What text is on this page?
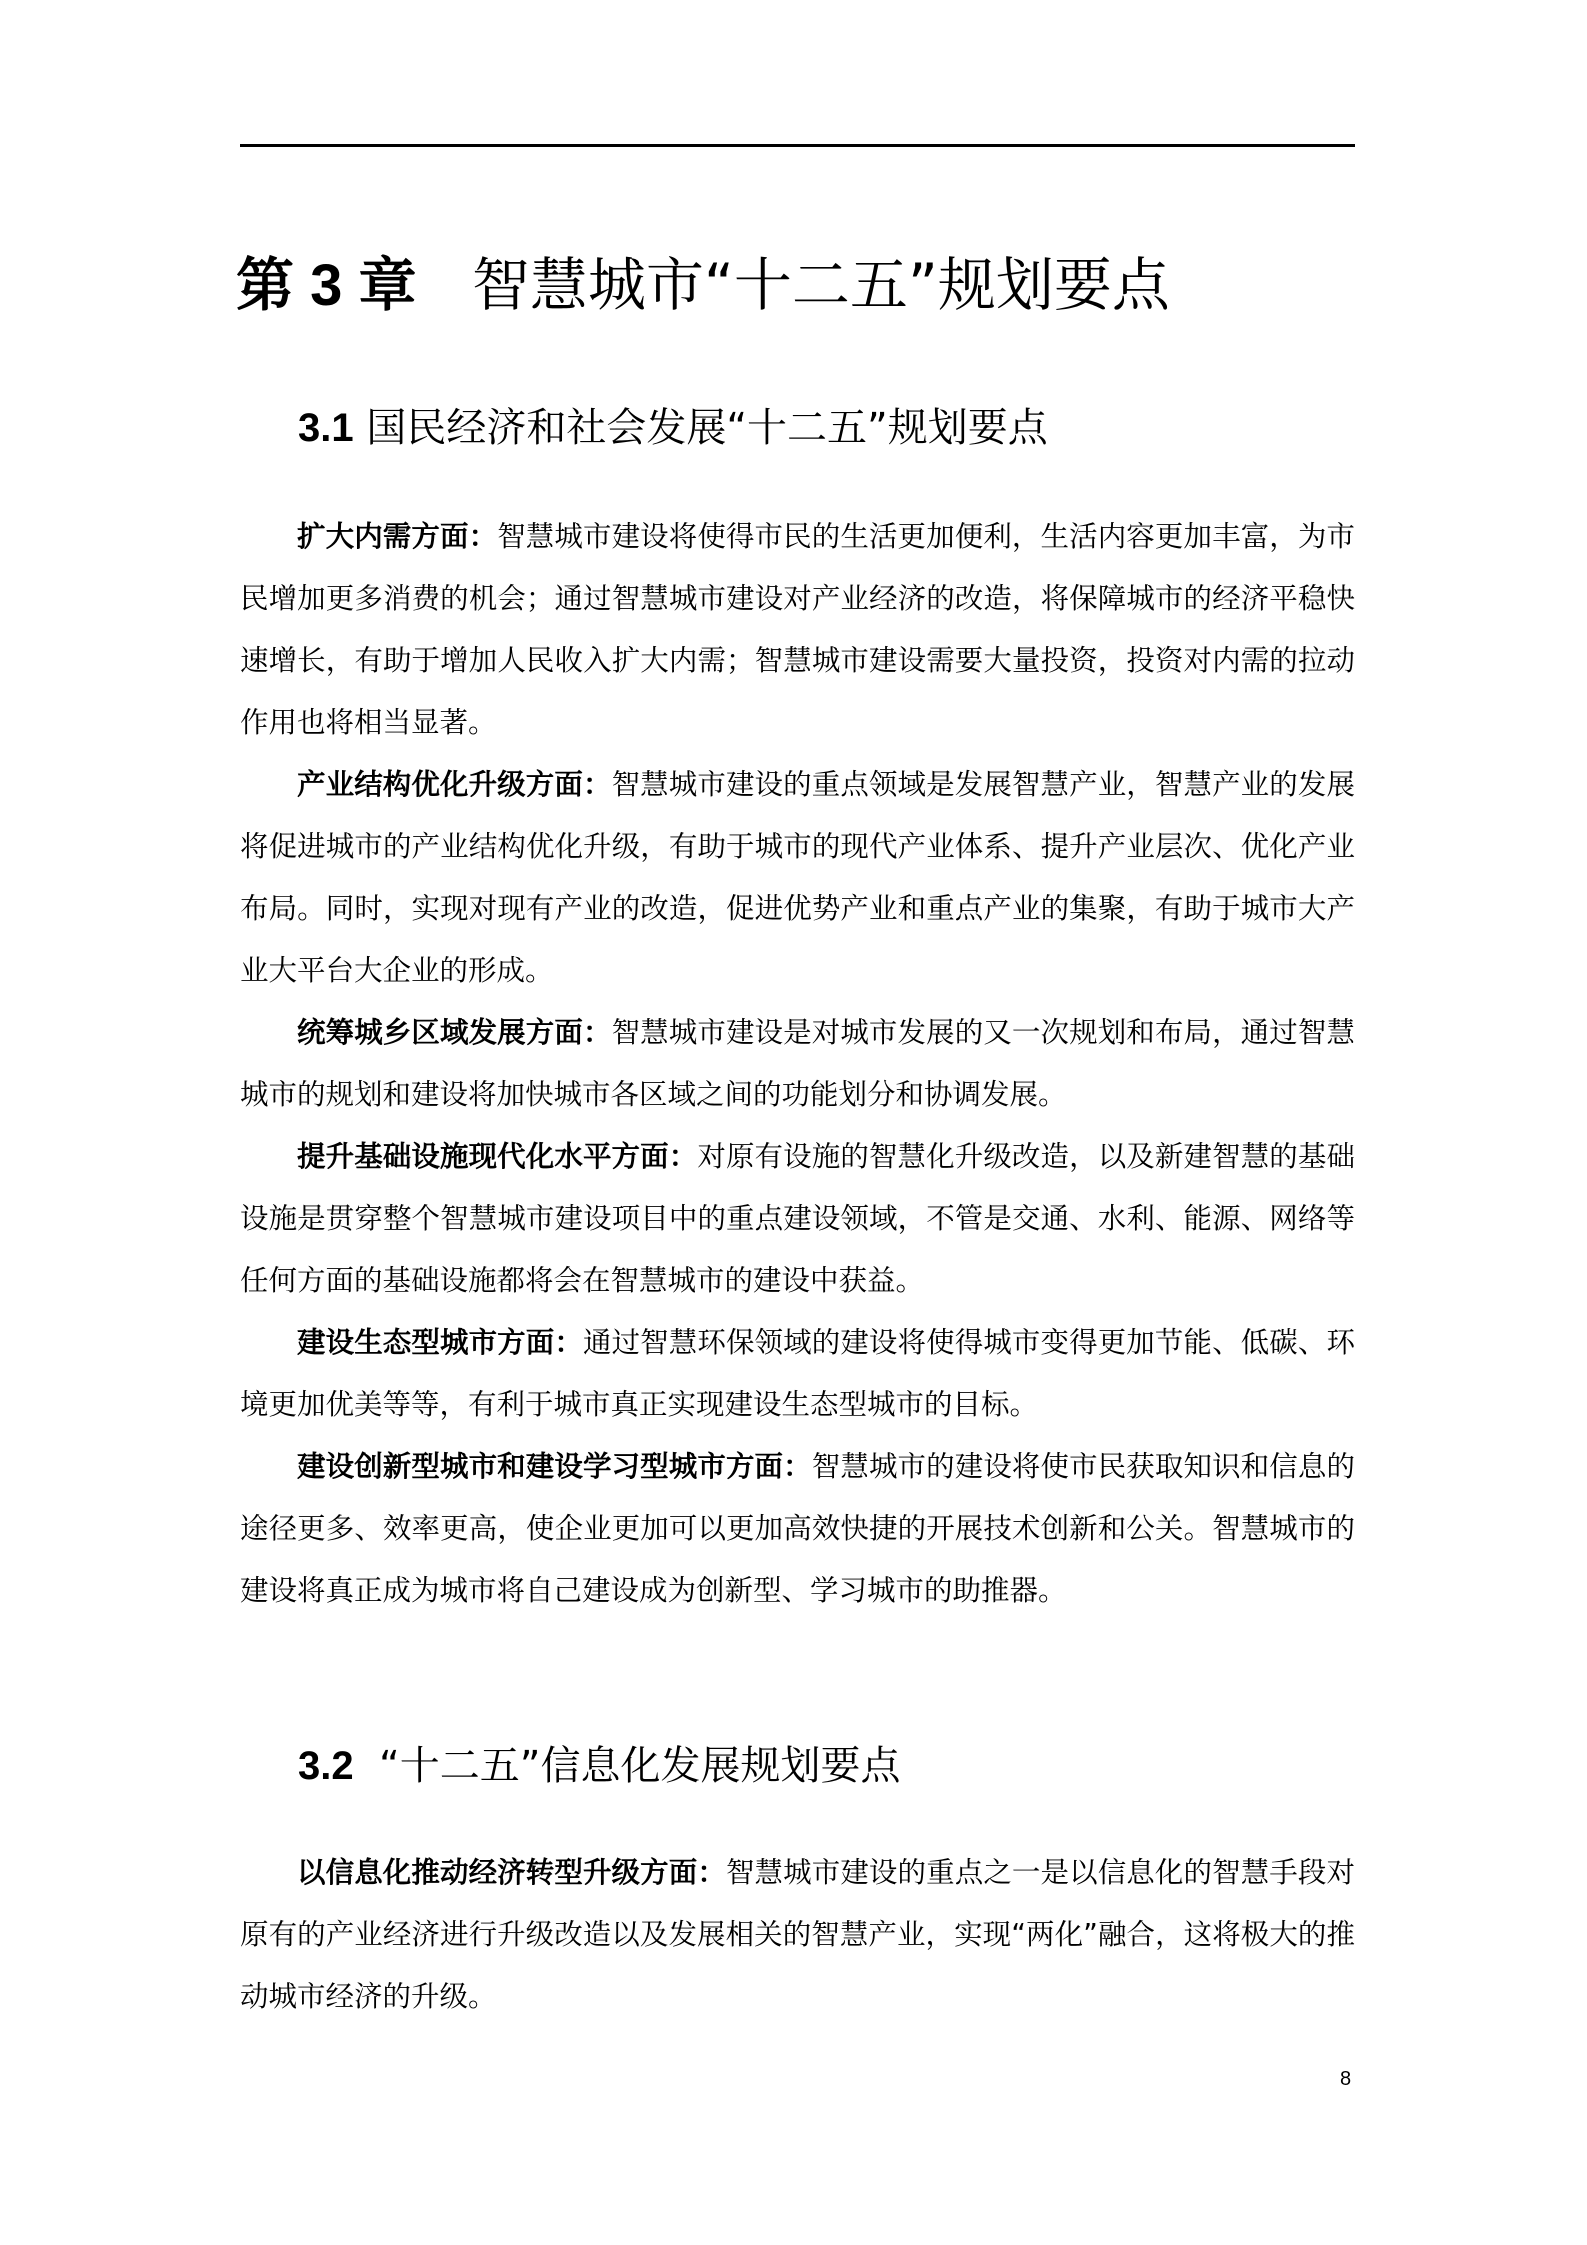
第 3 章 智慧城市“十二五”规划要点
3.1 国民经济和社会发展“十二五”规划要点

扩大内需方面：智慧城市建设将使得市民的生活更加便利，生活内容更加丰富，为市民增加更多消费的机会；通过智慧城市建设对产业经济的改造，将保障城市的经济平稳快速增长，有助于增加人民收入扩大内需；智慧城市建设需要大量投资，投资对内需的拉动作用也将相当显著。

产业结构优化升级方面：智慧城市建设的重点领域是发展智慧产业，智慧产业的发展将促进城市的产业结构优化升级，有助于城市的现代产业体系、提升产业层次、优化产业布局。同时，实现对现有产业的改造，促进优势产业和重点产业的集聚，有助于城市大产业大平台大企业的形成。

统筹城乡区域发展方面：智慧城市建设是对城市发展的又一次规划和布局，通过智慧城市的规划和建设将加快城市各区域之间的功能划分和协调发展。

提升基础设施现代化水平方面：对原有设施的智慧化升级改造，以及新建智慧的基础设施是贯穿整个智慧城市建设项目中的重点建设领域，不管是交通、水利、能源、网络等任何方面的基础设施都将会在智慧城市的建设中获益。

建设生态型城市方面：通过智慧环保领域的建设将使得城市变得更加节能、低碳、环境更加优美等等，有利于城市真正实现建设生态型城市的目标。

建设创新型城市和建设学习型城市方面：智慧城市的建设将使市民获取知识和信息的途径更多、效率更高，使企业更加可以更加高效快捷的开展技术创新和公关。智慧城市的建设将真正成为城市将自己建设成为创新型、学习城市的助推器。

3.2 “十二五”信息化发展规划要点

以信息化推动经济转型升级方面：智慧城市建设的重点之一是以信息化的智慧手段对原有的产业经济进行升级改造以及发展相关的智慧产业，实现“两化”融合，这将极大的推动城市经济的升级。

8
